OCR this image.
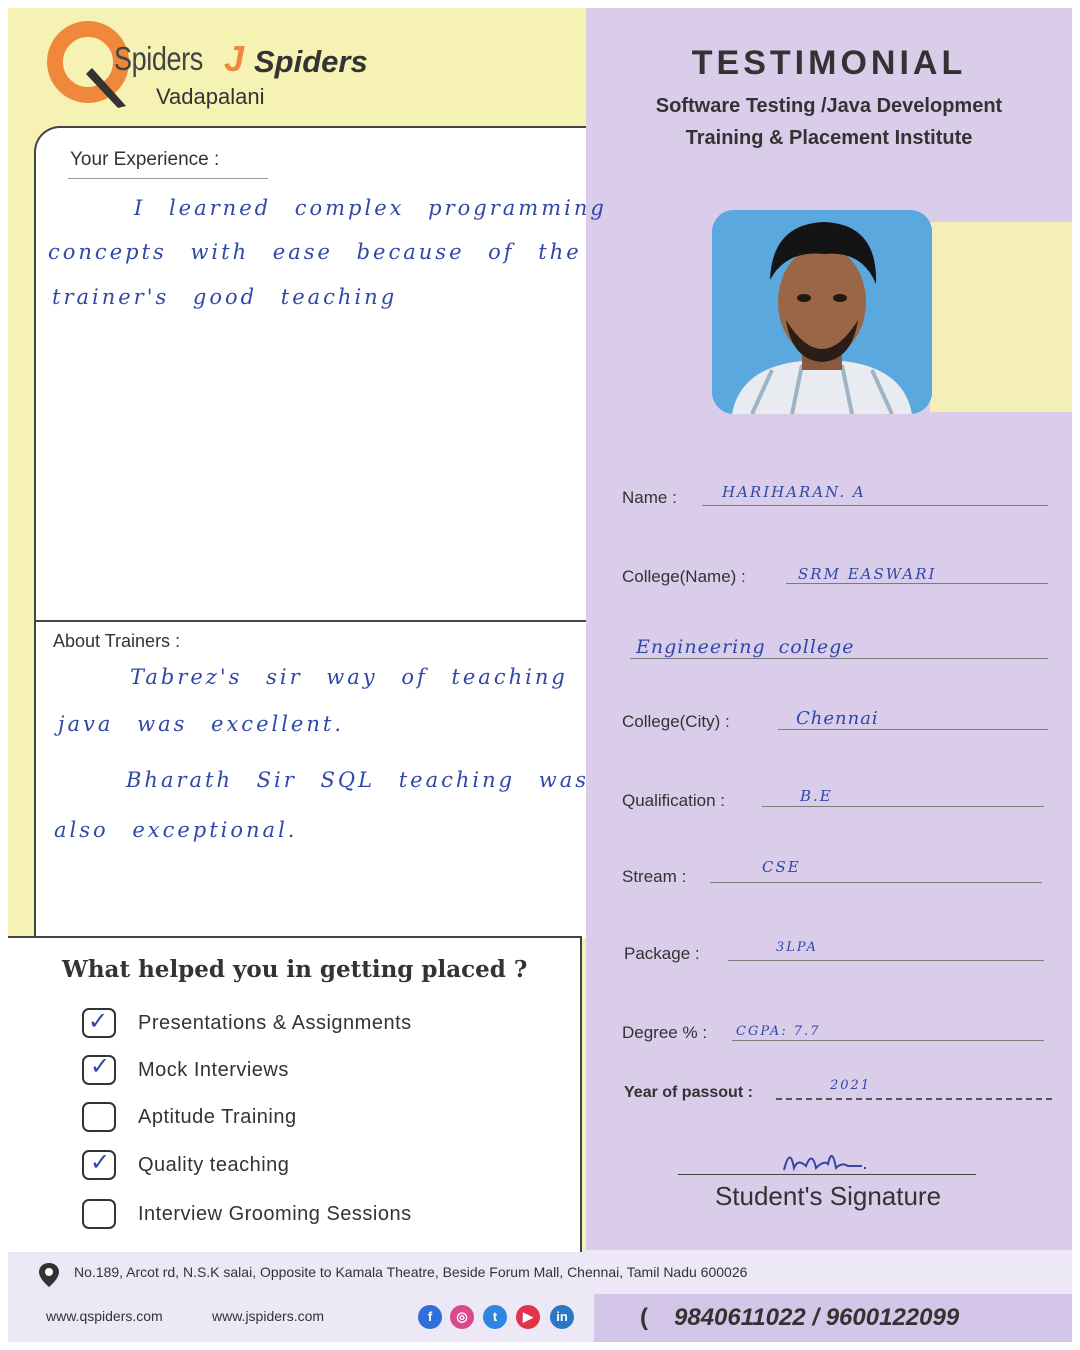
Spiders J Spiders
Vadapalani
TESTIMONIAL
Software Testing /Java Development
Training & Placement Institute
Your Experience :
I learned complex programming
concepts with ease because of the
trainer's good teaching
About Trainers :
Tabrez's sir way of teaching
java was excellent.
Bharath Sir SQL teaching was
also exceptional.
What helped you in getting placed ?
✓ Presentations & Assignments
✓ Mock Interviews
Aptitude Training
✓ Quality teaching
Interview Grooming Sessions
Name :	HARIHARAN. A
College(Name) :	SRM EASWARI
Engineering college
College(City) :	Chennai
Qualification :	B.E
Stream :	CSE
Package :	3LPA
Degree % : CGPA: 7.7
Year of passout :	2021
Student's Signature
No.189, Arcot rd, N.S.K salai, Opposite to Kamala Theatre, Beside Forum Mall, Chennai, Tamil Nadu 600026
www.qspiders.com	www.jspiders.com	f	◎	t	▶	in	( 9840611022 / 9600122099
